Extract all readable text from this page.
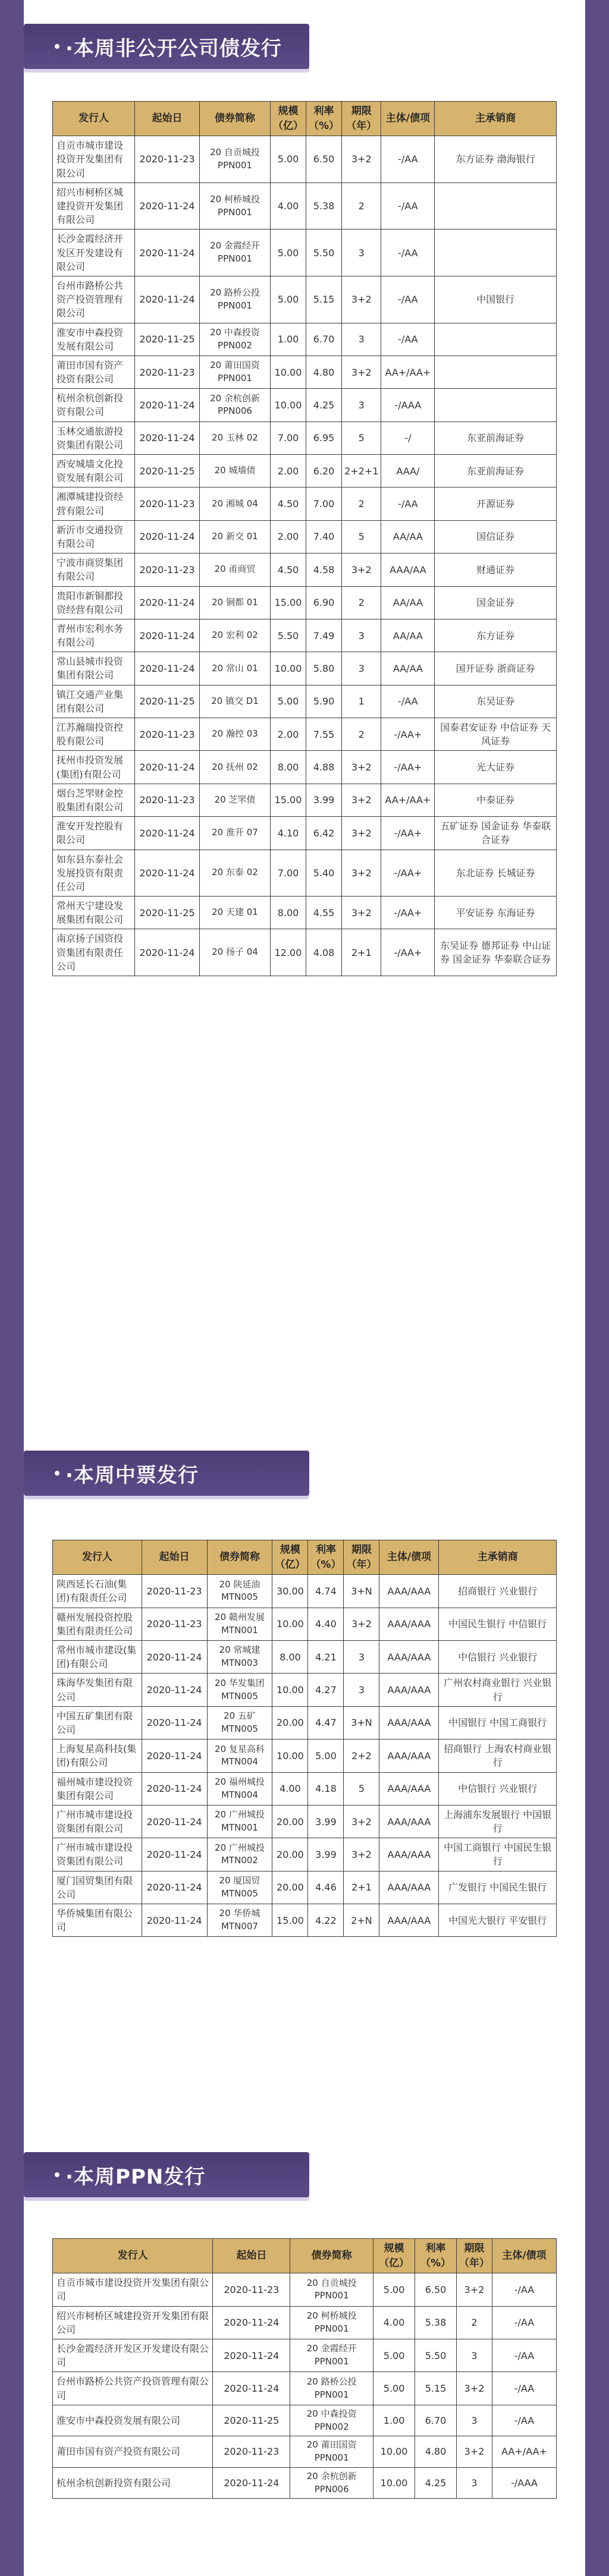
·本周非公开公司债发行
发行人	起始日	债券简称	规模（亿）	利率（%）	期限（年）	主体/债项	主承销商
自贡市城市建设投资开发集团有限公司	2020-11-23	20 自贡城投 PPN001	5.00	6.50	3+2	-/AA	东方证券 渤海银行
绍兴市柯桥区城建投资开发集团有限公司	2020-11-24	20 柯桥城投 PPN001	4.00	5.38	2	-/AA	
长沙金霞经济开发区开发建设有限公司	2020-11-24	20 金霞经开 PPN001	5.00	5.50	3	-/AA	
台州市路桥公共资产投资管理有限公司	2020-11-24	20 路桥公投 PPN001	5.00	5.15	3+2	-/AA	中国银行
淮安市中森投资发展有限公司	2020-11-25	20 中森投资 PPN002	1.00	6.70	3	-/AA	
莆田市国有资产投资有限公司	2020-11-23	20 莆田国资 PPN001	10.00	4.80	3+2	AA+/AA+	
杭州余杭创新投资有限公司	2020-11-24	20 余杭创新 PPN006	10.00	4.25	3	-/AAA	
玉林交通旅游投资集团有限公司	2020-11-24	20 玉林 02	7.00	6.95	5	-/	东亚前海证券
西安城墙文化投资发展有限公司	2020-11-25	20 城墙债	2.00	6.20	2+2+1	AAA/	东亚前海证券
湘潭城建投资经营有限公司	2020-11-23	20 湘城 04	4.50	7.00	2	-/AA	开源证券
新沂市交通投资有限公司	2020-11-24	20 新交 01	2.00	7.40	5	AA/AA	国信证券
宁波市商贸集团有限公司	2020-11-23	20 甬商贸	4.50	4.58	3+2	AAA/AA	财通证券
贵阳市新铜都投资经营有限公司	2020-11-24	20 铜都 01	15.00	6.90	2	AA/AA	国金证券
青州市宏利水务有限公司	2020-11-24	20 宏利 02	5.50	7.49	3	AA/AA	东方证券
常山县城市投资集团有限公司	2020-11-24	20 常山 01	10.00	5.80	3	AA/AA	国开证券 浙商证券
镇江交通产业集团有限公司	2020-11-25	20 镇交 D1	5.00	5.90	1	-/AA	东吴证券
江苏瀚瑞投资控股有限公司	2020-11-23	20 瀚控 03	2.00	7.55	2	-/AA+	国泰君安证券 中信证券 天风证券
抚州市投资发展(集团)有限公司	2020-11-24	20 抚州 02	8.00	4.88	3+2	-/AA+	光大证券
烟台芝罘财金控股集团有限公司	2020-11-23	20 芝罘债	15.00	3.99	3+2	AA+/AA+	中泰证券
淮安开发控股有限公司	2020-11-24	20 淮开 07	4.10	6.42	3+2	-/AA+	五矿证券 国金证券 华泰联合证券
如东县东泰社会发展投资有限责任公司	2020-11-24	20 东泰 02	7.00	5.40	3+2	-/AA+	东北证券 长城证券
常州天宁建设发展集团有限公司	2020-11-25	20 天建 01	8.00	4.55	3+2	-/AA+	平安证券 东海证券
南京扬子国资投资集团有限责任公司	2020-11-24	20 扬子 04	12.00	4.08	2+1	-/AA+	东吴证券 德邦证券 中山证券 国金证券 华泰联合证券
·本周中票发行
发行人	起始日	债券简称	规模（亿）	利率（%）	期限（年）	主体/债项	主承销商
陕西延长石油(集团)有限责任公司	2020-11-23	20 陕延油 MTN005	30.00	4.74	3+N	AAA/AAA	招商银行 兴业银行
赣州发展投资控股集团有限责任公司	2020-11-23	20 赣州发展 MTN001	10.00	4.40	3+2	AAA/AAA	中国民生银行 中信银行
常州市城市建设(集团)有限公司	2020-11-24	20 常城建 MTN003	8.00	4.21	3	AAA/AAA	中信银行 兴业银行
珠海华发集团有限公司	2020-11-24	20 华发集团 MTN005	10.00	4.27	3	AAA/AAA	广州农村商业银行 兴业银行
中国五矿集团有限公司	2020-11-24	20 五矿 MTN005	20.00	4.47	3+N	AAA/AAA	中国银行 中国工商银行
上海复星高科技(集团)有限公司	2020-11-24	20 复星高科 MTN004	10.00	5.00	2+2	AAA/AAA	招商银行 上海农村商业银行
福州城市建设投资集团有限公司	2020-11-24	20 福州城投 MTN004	4.00	4.18	5	AAA/AAA	中信银行 兴业银行
广州市城市建设投资集团有限公司	2020-11-24	20 广州城投 MTN001	20.00	3.99	3+2	AAA/AAA	上海浦东发展银行 中国银行
广州市城市建设投资集团有限公司	2020-11-24	20 广州城投 MTN002	20.00	3.99	3+2	AAA/AAA	中国工商银行 中国民生银行
厦门国贸集团有限公司	2020-11-24	20 厦国贸 MTN005	20.00	4.46	2+1	AAA/AAA	广发银行 中国民生银行
华侨城集团有限公司	2020-11-24	20 华侨城 MTN007	15.00	4.22	2+N	AAA/AAA	中国光大银行 平安银行
·本周PPN发行
发行人	起始日	债券简称	规模（亿）	利率（%）	期限（年）	主体/债项
自贡市城市建设投资开发集团有限公司	2020-11-23	20 自贡城投 PPN001	5.00	6.50	3+2	-/AA
绍兴市柯桥区城建投资开发集团有限公司	2020-11-24	20 柯桥城投 PPN001	4.00	5.38	2	-/AA
长沙金霞经济开发区开发建设有限公司	2020-11-24	20 金霞经开 PPN001	5.00	5.50	3	-/AA
台州市路桥公共资产投资管理有限公司	2020-11-24	20 路桥公投 PPN001	5.00	5.15	3+2	-/AA
淮安市中森投资发展有限公司	2020-11-25	20 中森投资 PPN002	1.00	6.70	3	-/AA
莆田市国有资产投资有限公司	2020-11-23	20 莆田国资 PPN001	10.00	4.80	3+2	AA+/AA+
杭州余杭创新投资有限公司	2020-11-24	20 余杭创新 PPN006	10.00	4.25	3	-/AAA
